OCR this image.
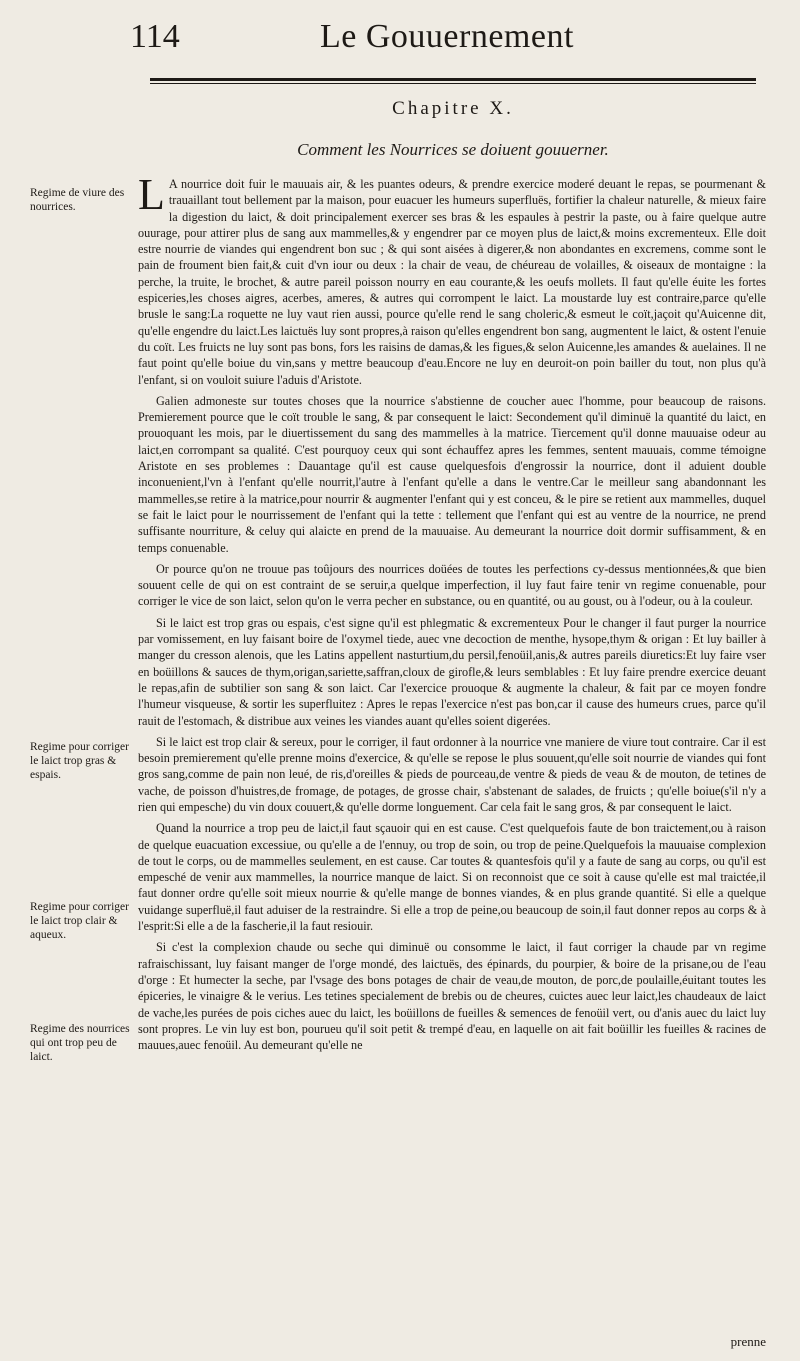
114	Le Gouuernement
Chapitre X.
Comment les Nourrices se doiuent gouuerner.
Regime de viure des nourrices.
Regime pour corriger le laict trop gras & espais.
Regime pour corriger le laict trop clair & aqueux.
Regime des nourrices qui ont trop peu de laict.

L A nourrice doit fuir le mauuais air, & les puantes odeurs, & prendre exercice moderé deuant le repas, se pourmenant & trauaillant tout bellement par la maison, pour euacuer les humeurs superfluës, fortifier la chaleur naturelle, & mieux faire la digestion du laict, & doit principalement exercer ses bras & les espaules à pestrir la paste, ou à faire quelque autre ouurage, pour attirer plus de sang aux mammelles,& y engendrer par ce moyen plus de laict,& moins excrementeux. Elle doit estre nourrie de viandes qui engendrent bon suc ; & qui sont aisées à digerer,& non abondantes en excremens, comme sont le pain de froument bien fait,& cuit d'vn iour ou deux : la chair de veau, de chéureau de volailles, & oiseaux de montaigne : la perche, la truite, le brochet, & autre pareil poisson nourry en eau courante,& les oeufs mollets. Il faut qu'elle éuite les fortes espiceries,les choses aigres, acerbes, ameres, & autres qui corrompent le laict. La moustarde luy est contraire,parce qu'elle brusle le sang:La roquette ne luy vaut rien aussi, pource qu'elle rend le sang choleric,& esmeut le coït,jaçoit qu'Auicenne dit, qu'elle engendre du laict.Les laictuës luy sont propres,à raison qu'elles engendrent bon sang, augmentent le laict, & ostent l'enuie du coït. Les fruicts ne luy sont pas bons, fors les raisins de damas,& les figues,& selon Auicenne,les amandes & auelaines. Il ne faut point qu'elle boiue du vin,sans y mettre beaucoup d'eau.Encore ne luy en deuroit-on poin bailler du tout, non plus qu'à l'enfant, si on vouloit suiure l'aduis d'Aristote.

Galien admoneste sur toutes choses que la nourrice s'abstienne de coucher auec l'homme, pour beaucoup de raisons. Premierement pource que le coït trouble le sang, & par consequent le laict: Secondement qu'il diminuë la quantité du laict, en prouoquant les mois, par le diuertissement du sang des mammelles à la matrice. Tiercement qu'il donne mauuaise odeur au laict,en corrompant sa qualité. C'est pourquoy ceux qui sont échauffez apres les femmes, sentent mauuais, comme témoigne Aristote en ses problemes : Dauantage qu'il est cause quelquesfois d'engrossir la nourrice, dont il aduient double inconuenient,l'vn à l'enfant qu'elle nourrit,l'autre à l'enfant qu'elle a dans le ventre.Car le meilleur sang abandonnant les mammelles,se retire à la matrice,pour nourrir & augmenter l'enfant qui y est conceu, & le pire se retient aux mammelles, duquel se fait le laict pour le nourrissement de l'enfant qui la tette : tellement que l'enfant qui est au ventre de la nourrice, ne prend suffisante nourriture, & celuy qui alaicte en prend de la mauuaise. Au demeurant la nourrice doit dormir suffisamment, & en temps conuenable.

Or pource qu'on ne trouue pas toûjours des nourrices doüées de toutes les perfections cy-dessus mentionnées,& que bien souuent celle de qui on est contraint de se seruir,a quelque imperfection, il luy faut faire tenir vn regime conuenable, pour corriger le vice de son laict, selon qu'on le verra pecher en substance, ou en quantité, ou au goust, ou à l'odeur, ou à la couleur.

Si le laict est trop gras ou espais, c'est signe qu'il est phlegmatic & excrementeux Pour le changer il faut purger la nourrice par vomissement, en luy faisant boire de l'oxymel tiede, auec vne decoction de menthe, hysope,thym & origan : Et luy bailler à manger du cresson alenois, que les Latins appellent nasturtium,du persil,fenoüil,anis,& autres pareils diuretics:Et luy faire vser en boüillons & sauces de thym,origan,sariette,saffran,cloux de girofle,& leurs semblables : Et luy faire prendre exercice deuant le repas,afin de subtilier son sang & son laict. Car l'exercice prouoque & augmente la chaleur, & fait par ce moyen fondre l'humeur visqueuse, & sortir les superfluitez : Apres le repas l'exercice n'est pas bon,car il cause des humeurs crues, parce qu'il rauit de l'estomach, & distribue aux veines les viandes auant qu'elles soient digerées.

Si le laict est trop clair & sereux, pour le corriger, il faut ordonner à la nourrice vne maniere de viure tout contraire. Car il est besoin premierement qu'elle prenne moins d'exercice, & qu'elle se repose le plus souuent,qu'elle soit nourrie de viandes qui font gros sang,comme de pain non leué, de ris,d'oreilles & pieds de pourceau,de ventre & pieds de veau & de mouton, de tetines de vache, de poisson d'huistres,de fromage, de potages, de grosse chair, s'abstenant de salades, de fruicts ; qu'elle boiue(s'il n'y a rien qui empesche) du vin doux couuert,& qu'elle dorme longuement. Car cela fait le sang gros, & par consequent le laict.

Quand la nourrice a trop peu de laict,il faut sçauoir qui en est cause. C'est quelquefois faute de bon traictement,ou à raison de quelque euacuation excessiue, ou qu'elle a de l'ennuy, ou trop de soin, ou trop de peine.Quelquefois la mauuaise complexion de tout le corps, ou de mammelles seulement, en est cause. Car toutes & quantesfois qu'il y a faute de sang au corps, ou qu'il est empesché de venir aux mammelles, la nourrice manque de laict. Si on reconnoist que ce soit à cause qu'elle est mal traictée,il faut donner ordre qu'elle soit mieux nourrie & qu'elle mange de bonnes viandes, & en plus grande quantité. Si elle a quelque vuidange superfluë,il faut aduiser de la restraindre. Si elle a trop de peine,ou beaucoup de soin,il faut donner repos au corps & à l'esprit:Si elle a de la fascherie,il la faut resiouir.

Si c'est la complexion chaude ou seche qui diminuë ou consomme le laict, il faut corriger la chaude par vn regime rafraischissant, luy faisant manger de l'orge mondé, des laictuës, des épinards, du pourpier, & boire de la prisane,ou de l'eau d'orge : Et humecter la seche, par l'vsage des bons potages de chair de veau,de mouton, de porc,de poulaille,éuitant toutes les épiceries, le vinaigre & le verius. Les tetines specialement de brebis ou de cheures, cuictes auec leur laict,les chaudeaux de laict de vache,les purées de pois ciches auec du laict, les boüillons de fueilles & semences de fenoüil vert, ou d'anis auec du laict luy sont propres. Le vin luy est bon, pourueu qu'il soit petit & trempé d'eau, en laquelle on ait fait boüillir les fueilles & racines de mauues,auec fenoüil. Au demeurant qu'elle ne

prenne
